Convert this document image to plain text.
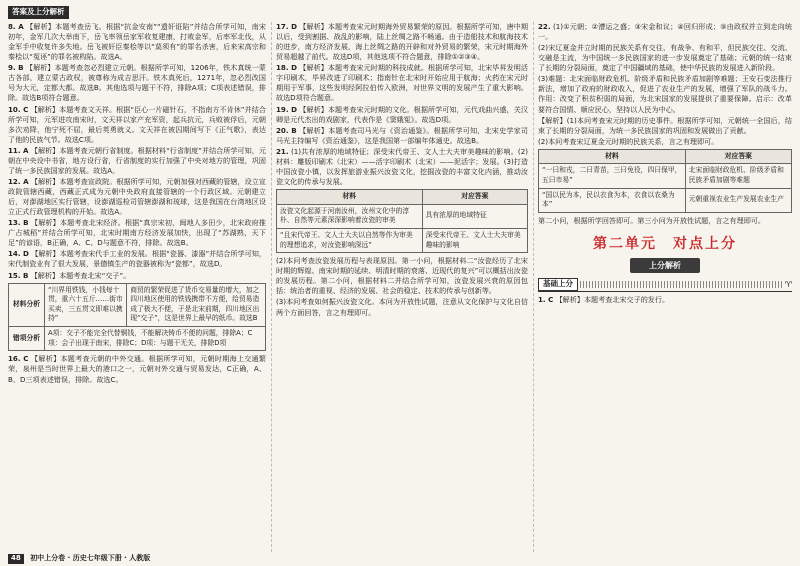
答案及上分解析

8. A 【解析】本题考查岳飞。根据“抗金安南”“遗奸诳陷”并结合所学可知，南宋初年，金军几次大举南下，岳飞率领岳家军收复建康，打败金军，后率军北伐，从金军手中收复许多失地。岳飞被奸臣秦桧等以“莫须有”的罪名杀害，后来宋高宗和秦桧以“冤诬”的罪名被构陷。故选A。

9. B 【解析】本题考查忽必烈建立元朝。根据所学可知，1206年，铁木真统一蒙古各部，建立蒙古政权，被尊称为成吉思汗。铁木真死后，1271年，忽必烈改国号为大元，定都大都。故选B。其他选项与题干不符，排除A项；C项表述错误，排除。故选B项符合题意。

10. C 【解析】本题考查文天祥。根据“臣心一片磁针石，不指南方不肯休”并结合所学可知，元军进攻南宋时，文天祥以家产充军资，起兵抗元，兵败被俘后，元朝多次劝降，他宁死不屈，最后英勇就义。文天祥在被囚期间写下《正气歌》，表达了他的民族气节。故选C项。

11. A 【解析】本题考查元朝行省制度。根据材料“行省制度”并结合所学可知，元朝在中央设中书省，地方设行省，行省制度的实行加强了中央对地方的管理，巩固了统一多民族国家的发展。故选A。

12. A 【解析】本题考查宣政院。根据所学可知，元朝加强对西藏的管辖，设立宣政院管辖西藏，西藏正式成为元朝中央政府直接管辖的一个行政区域。元朝建立后，对澎湖地区实行管辖，设澎湖巡检司管辖澎湖和琉球，这是我国在台湾地区设立正式行政管理机构的开始。故选A。

13. B 【解析】本题考查北宋经济。根据“真宗宋初，闽地人多田少，北宋政府推广占城稻”并结合所学可知，北宋时期南方经济发展加快，出现了“苏湖熟，天下足”的谚语，B正确，A、C、D与题意不符，排除。故选B。

14. D 【解析】本题考查宋代手工业的发展。根据“瓷器、漆器”并结合所学可知，宋代制瓷业有了很大发展，景德镇生产的瓷器被称为“瓷都”，故选D。

15. B 【解析】本题考查北宋“交子”。

材料分析	“川界用铁钱，小钱每十贯，重六十五斤……街市买卖，三五贯文即难以携持”	商贸的繁荣促进了货币交易量的增大，加之四川地区使用的铁钱携带不方便，给贸易造成了极大不便，于是北宋前期，四川地区出现“交子”，这是世界上最早的纸币。故选B
错项分析	A项：交子不能完全代替铜钱，不能解决铸币不便的问题，排除A；C项：会子出现于南宋，排除C；D项：与题干无关，排除D项	

16. C 【解析】本题考查元朝的中外交通。根据所学可知，元朝时期海上交通繁荣，泉州是当时世界上最大的港口之一，元朝对外交通与贸易发达，C正确，A、B、D三项表述错误，排除。故选C。

17. D 【解析】本题考查宋元时期海外贸易繁荣的原因。根据所学可知，唐中期以后，受到割据、战乱的影响，陆上丝绸之路不畅通。由于造船技术和航海技术的进步，南方经济发展，海上丝绸之路的开辟和对外贸易的繁荣，宋元时期海外贸易超越了前代。故选D项，其他选项不符合题意，排除①②③④。

18. D 【解析】本题考查宋元时期的科技成就。根据所学可知，北宋毕昇发明活字印刷术，毕昇改进了印刷术；指南针在北宋时开始应用于航海；火药在宋元时期用于军事，这些发明经阿拉伯传入欧洲，对世界文明的发展产生了重大影响。故选D项符合题意。

19. D 【解析】本题考查宋元时期的文化。根据所学可知，元代戏曲兴盛，关汉卿是元代杰出的戏剧家，代表作是《窦娥冤》。故选D项。

20. B 【解析】本题考查司马光与《资治通鉴》。根据所学可知，北宋史学家司马光主持编写《资治通鉴》，这是我国第一部编年体通史。故选B。

21. (1)共有浓厚的地域特征；深受宋代帝王、文人士大夫审美趣味的影响。(2)材料：雕版印刷术（北宋）——活字印刷术（北宋）——泥活字；发展。(3)打造中国汝瓷小镇，以发挥旅游业振兴汝瓷文化，挖掘汝瓷的丰富文化内涵，推动汝瓷文化的传承与发展。

材料	对应答案
汝瓷文化起源于河南汝州，汝州文化中的淳朴、自然等元素深深影响着汝瓷的审美	具有浓厚的地域特征
“且宋代帝王、文人士大夫以自然等作为审美的理想追求，对汝瓷影响深远”	深受宋代帝王、文人士大夫审美趣味的影响

(2)本问考查汝瓷发展历程与表现原因。第一小问，根据材料二“汝瓷经历了北宋时期的辉煌、南宋时期的延续、明清时期的衰落、近现代的复兴”可以概括出汝瓷的发展历程。第二小问，根据材料二并结合所学可知，汝瓷发展兴衰的原因包括：统治者的重视、经济的发展、社会的稳定、技术的传承与创新等。

(3)本问考查如何振兴汝瓷文化。本问为开放性试题，注意从文化保护与文化自信两个方面回答，言之有理即可。

22. (1)①元朝；②漕运之盛；③宋金和议；④回归形成；⑤由政权并立到走向统一。

(2)宋辽夏金并立时期的民族关系有交往、有战争、有和平，但民族交往、交流、交融是主流，为中国统一多民族国家的进一步发展奠定了基础；元朝的统一结束了长期的分裂局面，奠定了中国疆域的基础，使中华民族的发展进入新阶段。

(3)难题：北宋面临财政危机、阶级矛盾和民族矛盾加剧等难题；王安石变法推行新法，增加了政府的财政收入，促进了农业生产的发展，增强了军队的战斗力。作用：改变了积贫积弱的局面，为北宋国家的发展提供了重要保障。启示：改革要符合国情、顺应民心，坚持以人民为中心。

【解析】(1)本问考查宋元时期的历史事件。根据所学可知，元朝统一全国后，结束了长期的分裂局面，为统一多民族国家的巩固和发展做出了贡献。

(2)本问考查宋辽夏金元时期的民族关系，言之有理即可。

材料	对应答案
“一曰和戎，二曰青苗，三曰免役，四曰保甲，五曰市易”	北宋面临财政危机、阶级矛盾和民族矛盾加剧等难题
“国以民为本，民以衣食为本，衣食以农桑为本”	元朝重视农业生产发展农业生产

第二小问，根据所学回答即可。第三小问为开放性试题，言之有理即可。

第二单元　对点上分
上分解析
基础上分	♈

1. C 【解析】本题考查北宋交子的发行。

48 初中上分卷 · 历史七年级下册 · 人教版
